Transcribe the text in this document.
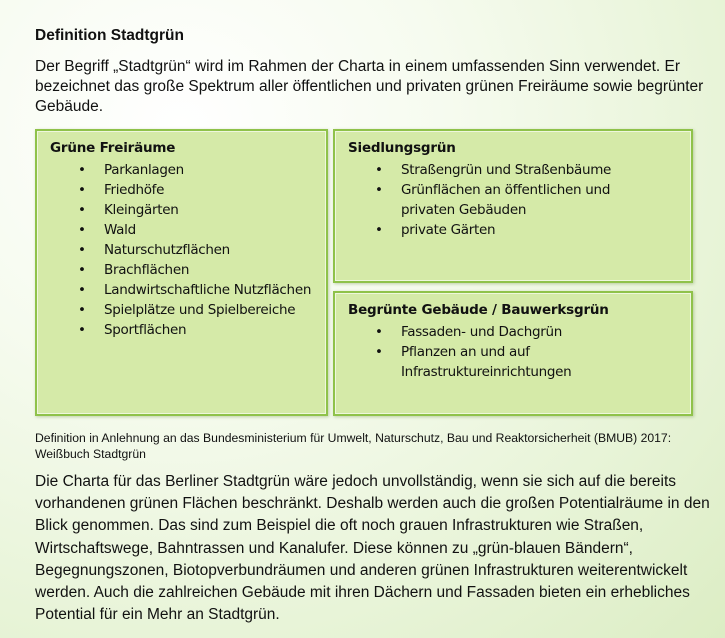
Definition Stadtgrün

Der Begriff „Stadtgrün“ wird im Rahmen der Charta in einem umfassenden Sinn verwendet. Er bezeichnet das große Spektrum aller öffentlichen und privaten grünen Freiräume sowie begrünter Gebäude.

Grüne Freiräume
• Parkanlagen
• Friedhöfe
• Kleingärten
• Wald
• Naturschutzflächen
• Brachflächen
• Landwirtschaftliche Nutzflächen
• Spielplätze und Spielbereiche
• Sportflächen
Siedlungsgrün
• Straßengrün und Straßenbäume
• Grünflächen an öffentlichen und privaten Gebäuden
• private Gärten
Begrünte Gebäude / Bauwerksgrün
• Fassaden- und Dachgrün
• Pflanzen an und auf Infrastruktureinrichtungen

Definition in Anlehnung an das Bundesministerium für Umwelt, Naturschutz, Bau und Reaktorsicherheit (BMUB) 2017: Weißbuch Stadtgrün

Die Charta für das Berliner Stadtgrün wäre jedoch unvollständig, wenn sie sich auf die bereits vorhandenen grünen Flächen beschränkt. Deshalb werden auch die großen Potentialräume in den Blick genommen. Das sind zum Beispiel die oft noch grauen Infrastrukturen wie Straßen, Wirtschaftswege, Bahntrassen und Kanalufer. Diese können zu „grün-blauen Bändern“, Begegnungszonen, Biotopverbundräumen und anderen grünen Infrastrukturen weiterentwickelt werden. Auch die zahlreichen Gebäude mit ihren Dächern und Fassaden bieten ein erhebliches Potential für ein Mehr an Stadtgrün.
